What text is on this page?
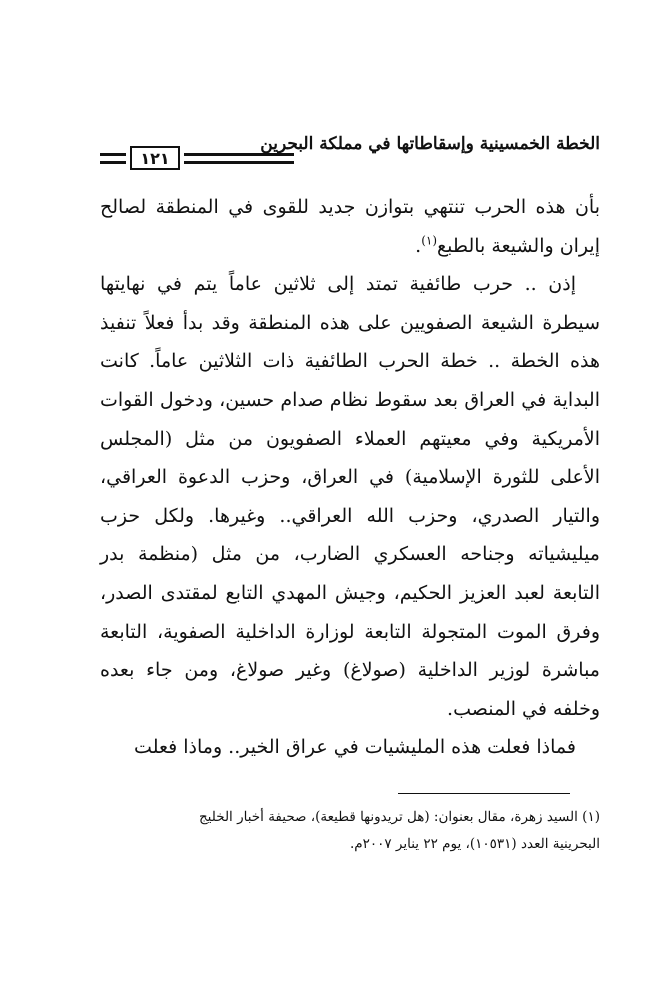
١٢١
الخطة الخمسينية وإسقاطاتها في مملكة البحرين

بأن هذه الحرب تنتهي بتوازن جديد للقوى في المنطقة لصالح إيران والشيعة بالطبع$^{(١)}$.

إذن .. حرب طائفية تمتد إلى ثلاثين عاماً يتم في نهايتها سيطرة الشيعة الصفويين على هذه المنطقة وقد بدأ فعلاً تنفيذ هذه الخطة .. خطة الحرب الطائفية ذات الثلاثين عاماً. كانت البداية في العراق بعد سقوط نظام صدام حسين، ودخول القوات الأمريكية وفي معيتهم العملاء الصفويون من مثل (المجلس الأعلى للثورة الإسلامية) في العراق، وحزب الدعوة العراقي، والتيار الصدري، وحزب الله العراقي.. وغيرها. ولكل حزب ميليشياته وجناحه العسكري الضارب، من مثل (منظمة بدر التابعة لعبد العزيز الحكيم، وجيش المهدي التابع لمقتدى الصدر، وفرق الموت المتجولة التابعة لوزارة الداخلية الصفوية، التابعة مباشرة لوزير الداخلية (صولاغ) وغير صولاغ، ومن جاء بعده وخلفه في المنصب.

فماذا فعلت هذه المليشيات في عراق الخير.. وماذا فعلت

(١) السيد زهرة، مقال بعنوان: (هل تريدونها قطيعة)، صحيفة أخبار الخليج

البحرينية العدد (١٠٥٣١)، يوم ٢٢ يناير ٢٠٠٧م.
